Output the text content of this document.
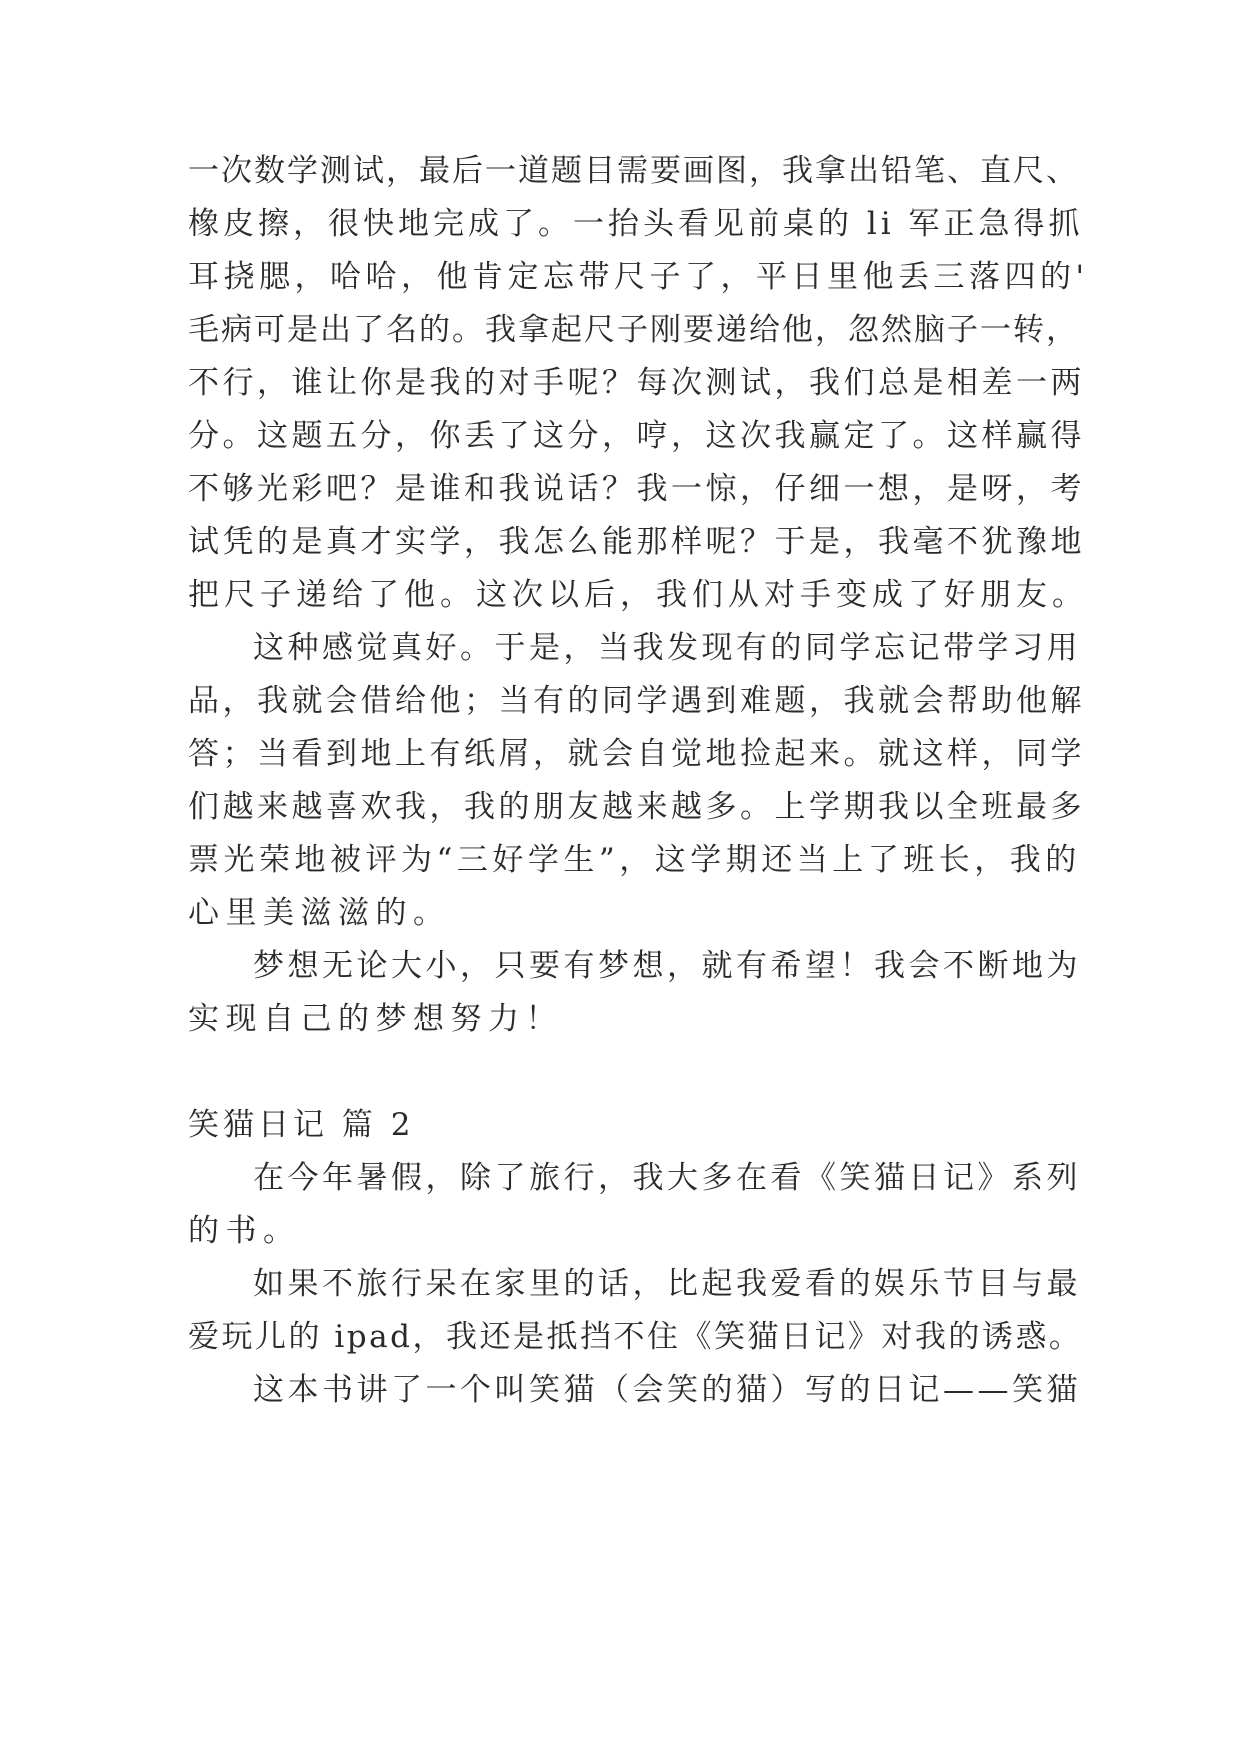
一次数学测试，最后一道题目需要画图，我拿出铅笔、直尺、

橡皮擦，很快地完成了。一抬头看见前桌的 li 军正急得抓

耳挠腮，哈哈，他肯定忘带尺子了，平日里他丢三落四的'

毛病可是出了名的。我拿起尺子刚要递给他，忽然脑子一转，

不行，谁让你是我的对手呢？每次测试，我们总是相差一两

分。这题五分，你丢了这分，哼，这次我赢定了。这样赢得

不够光彩吧？是谁和我说话？我一惊，仔细一想，是呀，考

试凭的是真才实学，我怎么能那样呢？于是，我毫不犹豫地

把尺子递给了他。这次以后，我们从对手变成了好朋友。

这种感觉真好。于是，当我发现有的同学忘记带学习用

品，我就会借给他；当有的同学遇到难题，我就会帮助他解

答；当看到地上有纸屑，就会自觉地捡起来。就这样，同学

们越来越喜欢我，我的朋友越来越多。上学期我以全班最多

票光荣地被评为“三好学生”，这学期还当上了班长，我的

心里美滋滋的。

梦想无论大小，只要有梦想，就有希望！我会不断地为

实现自己的梦想努力！

笑猫日记 篇 2

在今年暑假，除了旅行，我大多在看《笑猫日记》系列

的书。

如果不旅行呆在家里的话，比起我爱看的娱乐节目与最

爱玩儿的 ipad，我还是抵挡不住《笑猫日记》对我的诱惑。

这本书讲了一个叫笑猫（会笑的猫）写的日记——笑猫
